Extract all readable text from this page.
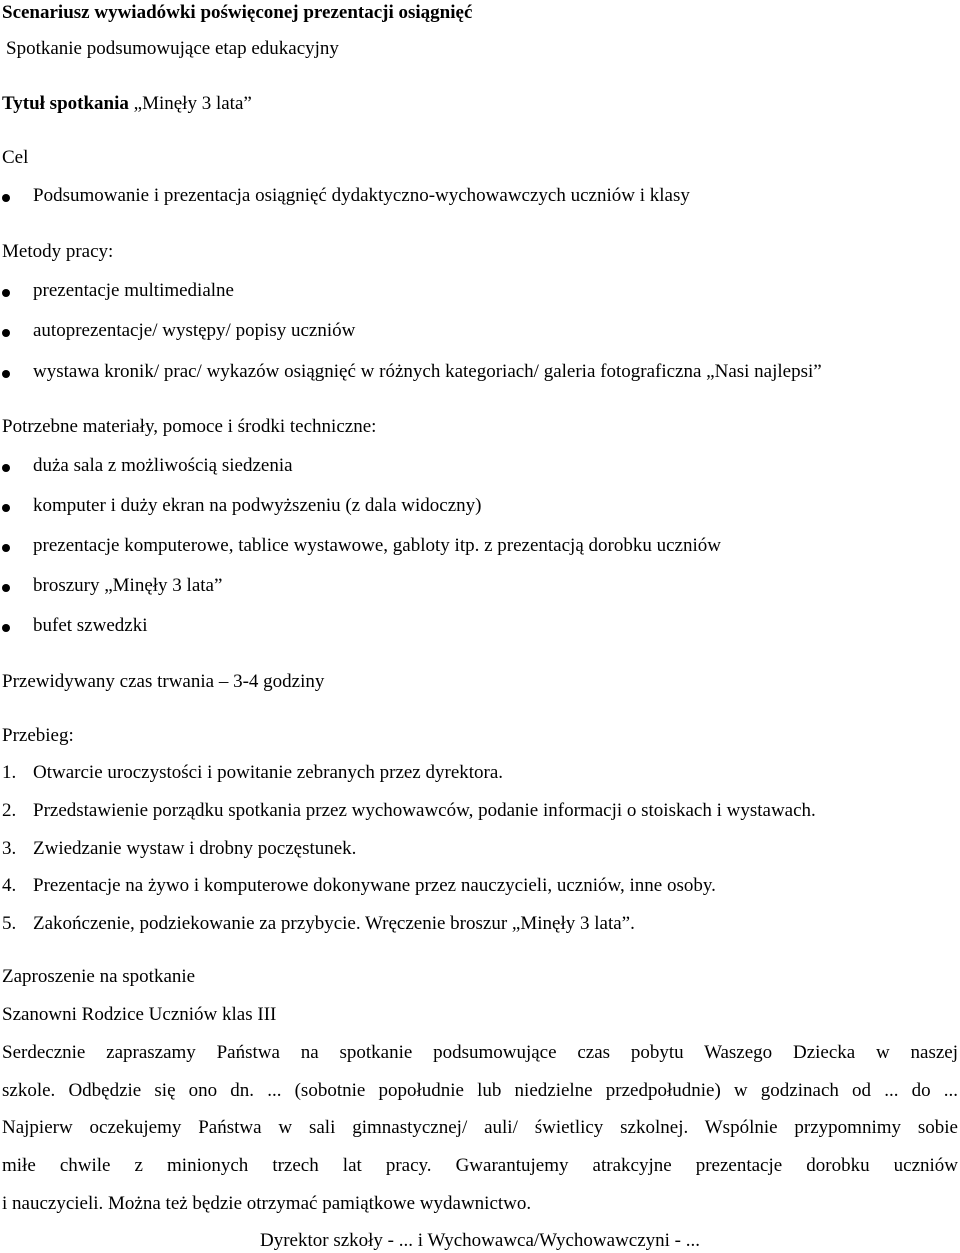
Scenariusz wywiadówki poświęconej prezentacji osiągnięć
Spotkanie podsumowujące etap edukacyjny
Tytuł spotkania „Minęły 3 lata”
Cel
Podsumowanie i prezentacja osiągnięć dydaktyczno-wychowawczych uczniów i klasy
Metody pracy:
prezentacje multimedialne
autoprezentacje/ występy/ popisy uczniów
wystawa kronik/ prac/ wykazów osiągnięć w różnych kategoriach/ galeria fotograficzna „Nasi najlepsi”
Potrzebne materiały, pomoce i środki techniczne:
duża sala z możliwością siedzenia
komputer i duży ekran na podwyższeniu (z dala widoczny)
prezentacje komputerowe, tablice wystawowe, gabloty itp. z prezentacją dorobku uczniów
broszury „Minęły 3 lata”
bufet szwedzki
Przewidywany czas trwania – 3-4 godziny
Przebieg:
1. Otwarcie uroczystości i powitanie zebranych przez dyrektora.
2. Przedstawienie porządku spotkania przez wychowawców, podanie informacji o stoiskach i wystawach.
3. Zwiedzanie wystaw i drobny poczęstunek.
4. Prezentacje na żywo i komputerowe dokonywane przez nauczycieli, uczniów, inne osoby.
5. Zakończenie, podziekowanie za przybycie. Wręczenie broszur „Minęły 3 lata”.
Zaproszenie na spotkanie
Szanowni Rodzice Uczniów klas III
Serdecznie zapraszamy Państwa na spotkanie podsumowujące czas pobytu Waszego Dziecka w naszej
szkole. Odbędzie się ono dn. ... (sobotnie popołudnie lub niedzielne przedpołudnie) w godzinach od ... do ...
Najpierw oczekujemy Państwa w sali gimnastycznej/ auli/ świetlicy szkolnej. Wspólnie przypomnimy sobie
miłe chwile z minionych trzech lat pracy. Gwarantujemy atrakcyjne prezentacje dorobku uczniów
i nauczycieli. Można też będzie otrzymać pamiątkowe wydawnictwo.
Dyrektor szkoły - ... i Wychowawca/Wychowawczyni - ...
